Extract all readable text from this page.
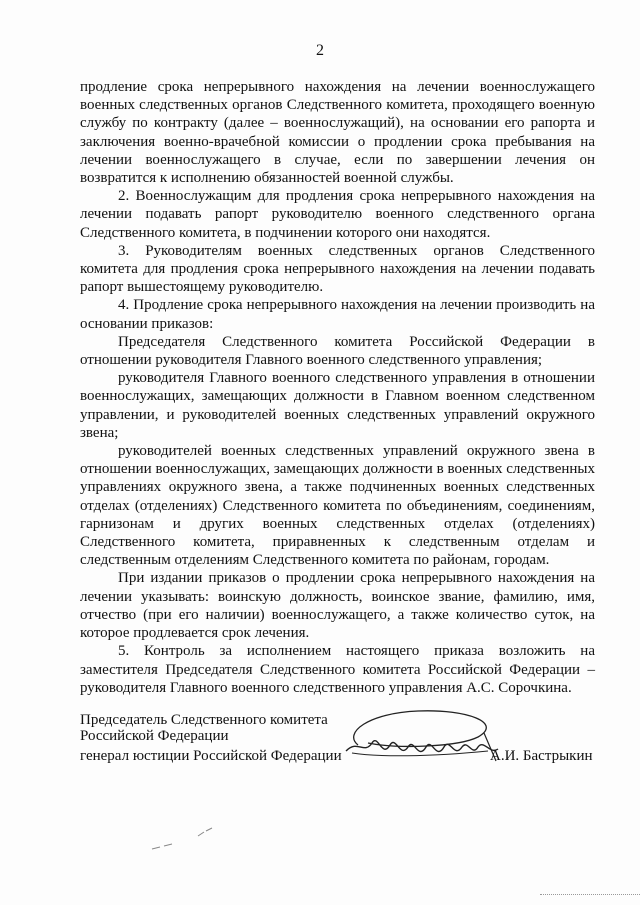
2

продление срока непрерывного нахождения на лечении военнослужащего военных следственных органов Следственного комитета, проходящего военную службу по контракту (далее – военнослужащий), на основании его рапорта и заключения военно-врачебной комиссии о продлении срока пребывания на лечении военнослужащего в случае, если по завершении лечения он возвратится к исполнению обязанностей военной службы.

2. Военнослужащим для продления срока непрерывного нахождения на лечении подавать рапорт руководителю военного следственного органа Следственного комитета, в подчинении которого они находятся.

3. Руководителям военных следственных органов Следственного комитета для продления срока непрерывного нахождения на лечении подавать рапорт вышестоящему руководителю.

4. Продление срока непрерывного нахождения на лечении производить на основании приказов:

Председателя Следственного комитета Российской Федерации в отношении руководителя Главного военного следственного управления;

руководителя Главного военного следственного управления в отношении военнослужащих, замещающих должности в Главном военном следственном управлении, и руководителей военных следственных управлений окружного звена;

руководителей военных следственных управлений окружного звена в отношении военнослужащих, замещающих должности в военных следственных управлениях окружного звена, а также подчиненных военных следственных отделах (отделениях) Следственного комитета по объединениям, соединениям, гарнизонам и других военных следственных отделах (отделениях) Следственного комитета, приравненных к следственным отделам и следственным отделениям Следственного комитета по районам, городам.

При издании приказов о продлении срока непрерывного нахождения на лечении указывать: воинскую должность, воинское звание, фамилию, имя, отчество (при его наличии) военнослужащего, а также количество суток, на которое продлевается срок лечения.

5. Контроль за исполнением настоящего приказа возложить на заместителя Председателя Следственного комитета Российской Федерации – руководителя Главного военного следственного управления А.С. Сорочкина.

Председатель Следственного комитета Российской Федерации
генерал юстиции Российской Федерации	А.И. Бастрыкин
